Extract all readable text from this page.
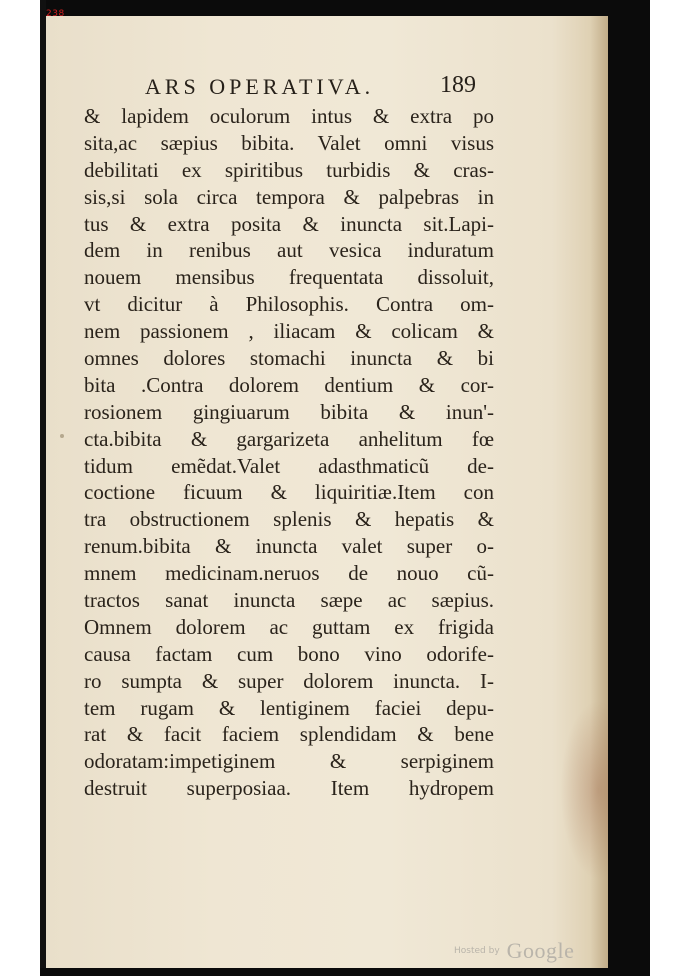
238
ARS OPERATIVA.	189
& lapidem oculorum intus & extra po
sita,ac sæpius bibita. Valet omni visus
debilitati ex spiritibus turbidis & cras-
sis,si sola circa tempora & palpebras in
tus & extra posita & inuncta sit.Lapi-
dem in renibus aut vesica induratum
nouem mensibus frequentata dissoluit,
vt dicitur à Philosophis. Contra om-
nem passionem , iliacam & colicam &
omnes dolores stomachi inuncta & bi
bita .Contra dolorem dentium & cor-
rosionem gingiuarum bibita & inun'-
cta.bibita & gargarizeta anhelitum fœ
tidum emẽdat.Valet adasthmaticũ de-
coctione ficuum & liquiritiæ.Item con
tra obstructionem splenis & hepatis &
renum.bibita & inuncta valet super o-
mnem medicinam.neruos de nouo cũ-
tractos sanat inuncta sæpe ac sæpius.
Omnem dolorem ac guttam ex frigida
causa factam cum bono vino odorife-
ro sumpta & super dolorem inuncta. I-
tem rugam & lentiginem faciei depu-
rat & facit faciem splendidam & bene
odoratam:impetiginem & serpiginem
destruit superposiaa. Item hydropem
Hosted by Google
